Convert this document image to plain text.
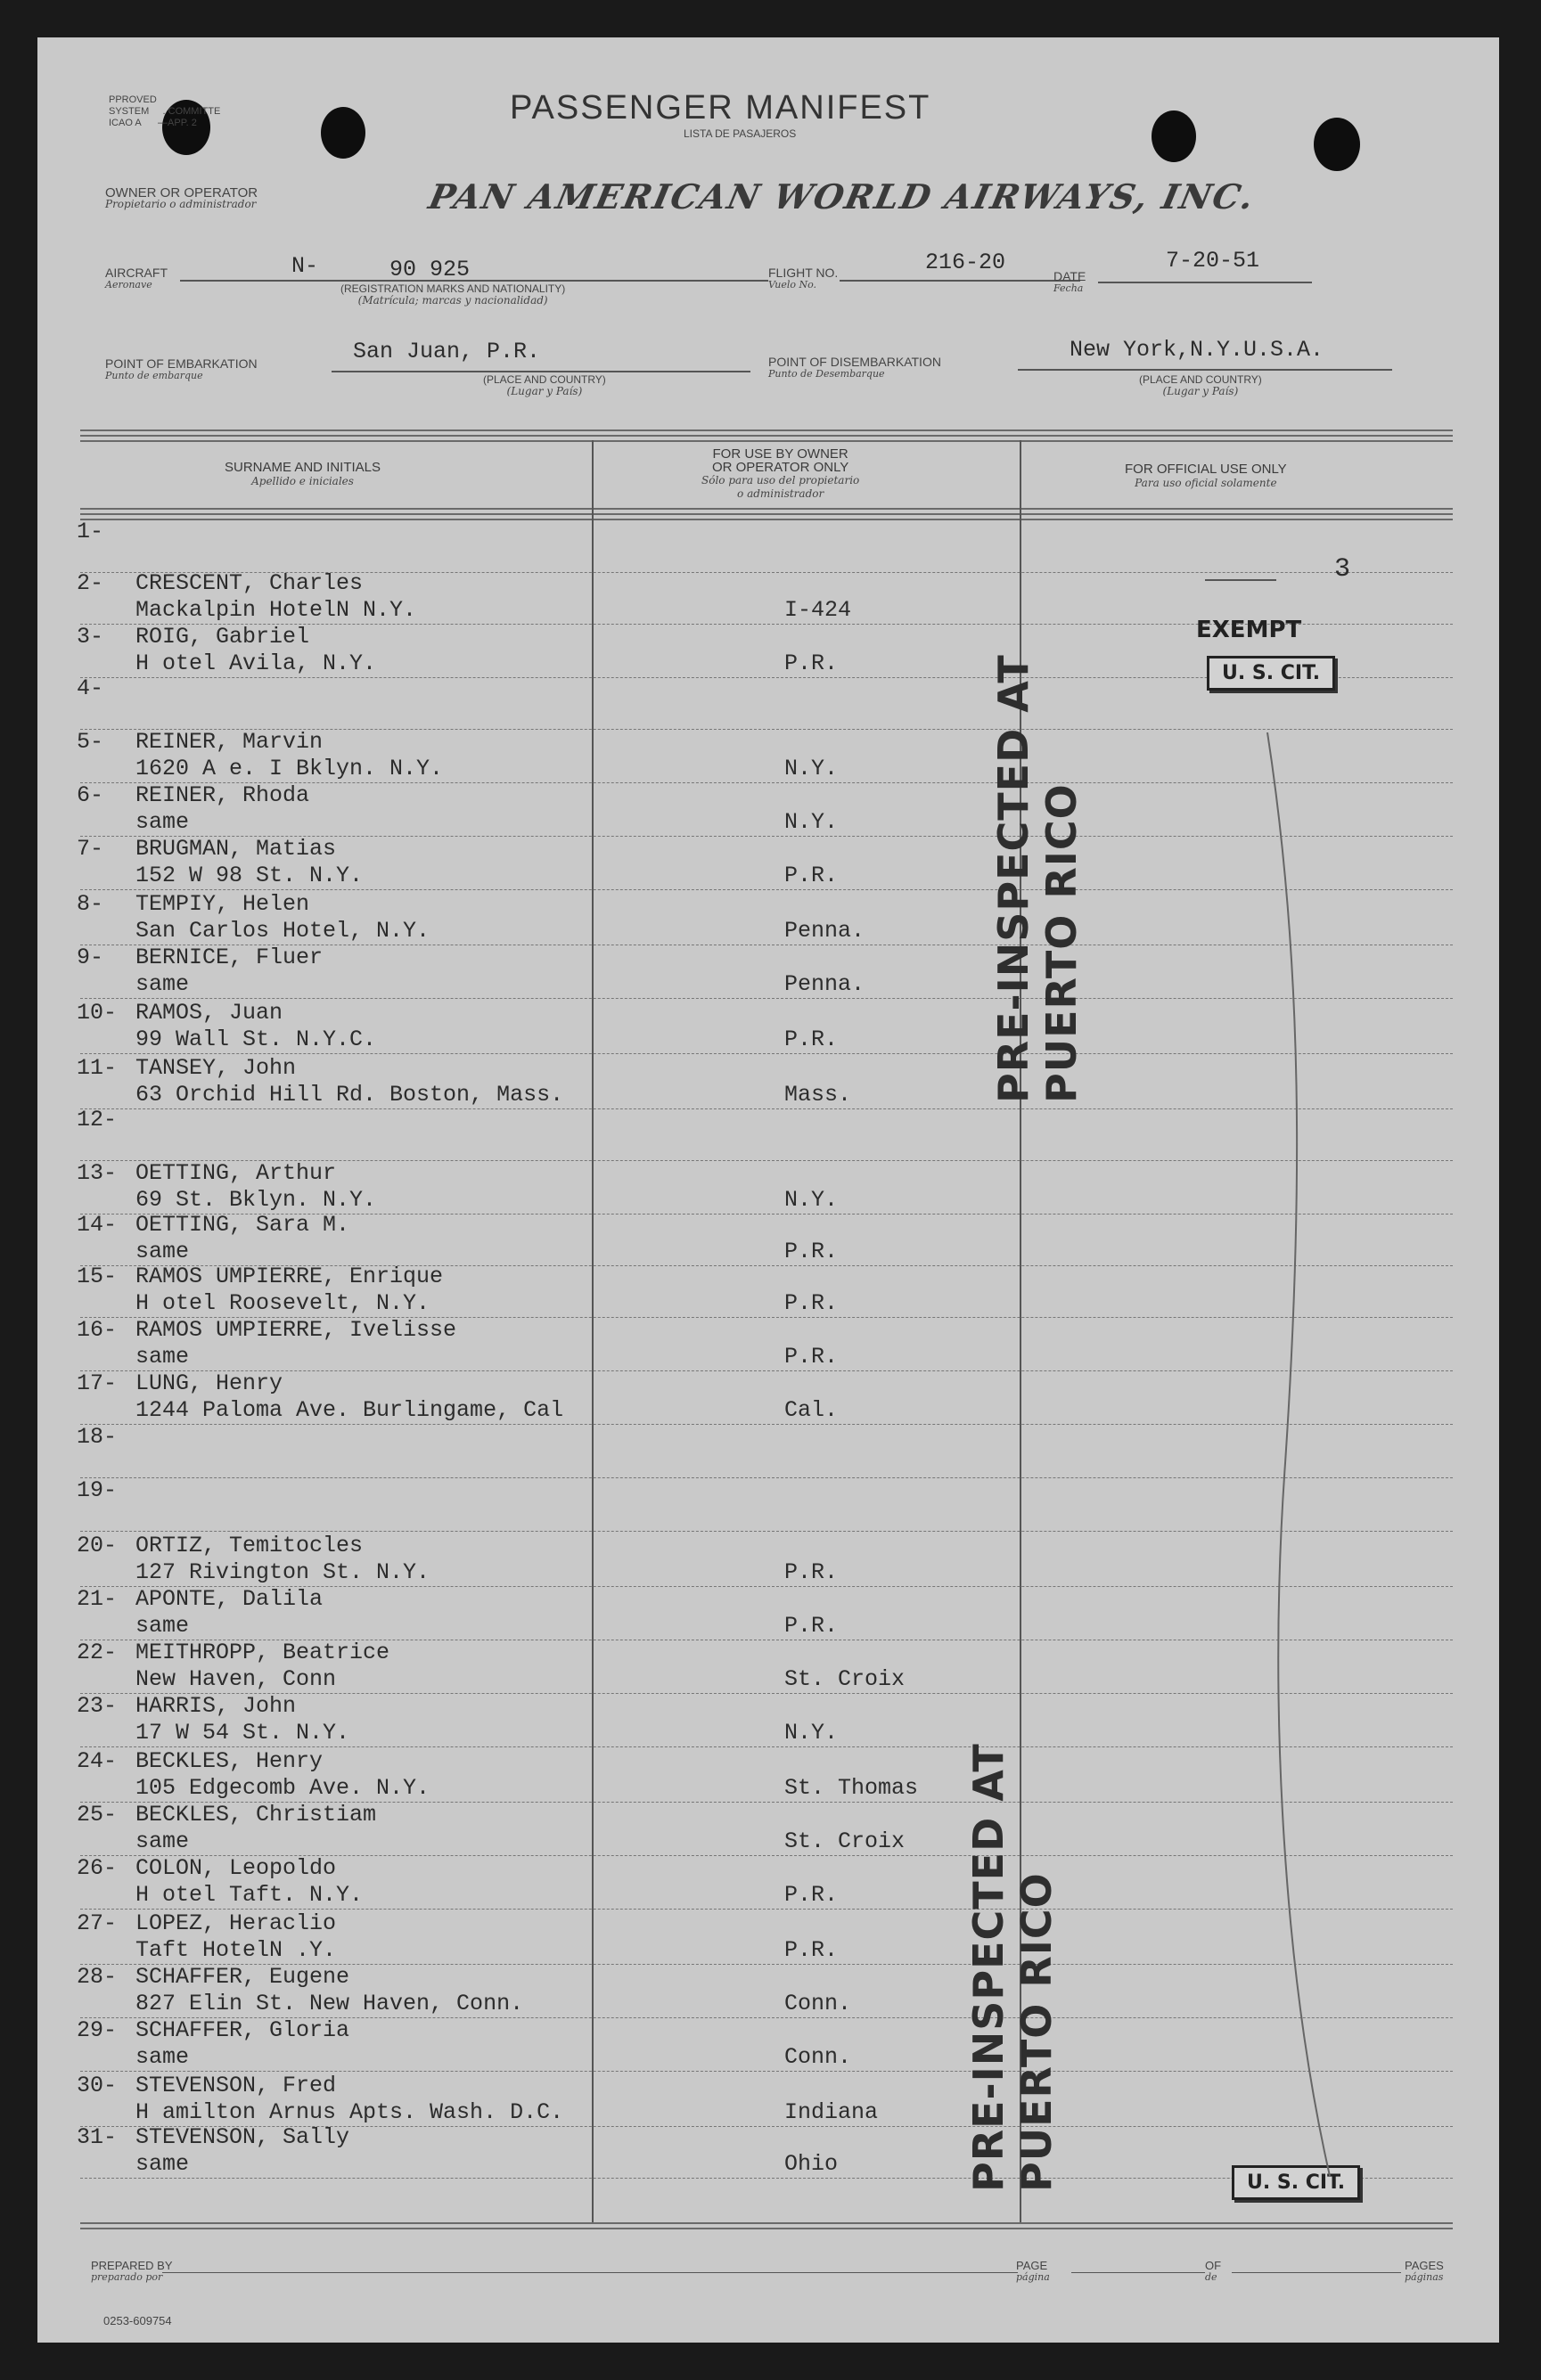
PPROVED
SYSTEM . COMMITTE
ICAO A —APP. 2	PASSENGER MANIFEST
LISTA DE PASAJEROS
OWNER OR OPERATOR
Propietario o administrador	PAN AMERICAN WORLD AIRWAYS, INC.
AIRCRAFT
Aeronave
N-	90 925
(REGISTRATION MARKS AND NATIONALITY)
(Matrícula; marcas y nacionalidad)
FLIGHT NO.
Vuelo No.
216-20
DATE
Fecha
7-20-51
POINT OF EMBARKATION
Punto de embarque
San Juan, P.R.
(PLACE AND COUNTRY)
(Lugar y País)
POINT OF DISEMBARKATION
Punto de Desembarque
New York,N.Y.U.S.A.
(PLACE AND COUNTRY)
(Lugar y País)
SURNAME AND INITIALS
Apellido e iniciales
FOR USE BY OWNER
OR OPERATOR ONLY
Sólo para uso del propietario
o administrador
FOR OFFICIAL USE ONLY
Para uso oficial solamente
1-
2- CRESCENT, Charles
Mackalpin HotelN N.Y.	I-424
3- ROIG, Gabriel
H otel Avila, N.Y.	P.R.
4-
5- REINER, Marvin
1620 A e. I Bklyn. N.Y.	N.Y.
6- REINER, Rhoda
same	N.Y.
7- BRUGMAN, Matias
152 W 98 St. N.Y.	P.R.
8- TEMPIY, Helen
San Carlos Hotel, N.Y.	Penna.
9- BERNICE, Fluer
same	Penna.
10- RAMOS, Juan
99 Wall St. N.Y.C.	P.R.
11- TANSEY, John
63 Orchid Hill Rd. Boston, Mass.	Mass.
12-
13- OETTING, Arthur
69 St. Bklyn. N.Y.	N.Y.
14- OETTING, Sara M.
same	P.R.
15- RAMOS UMPIERRE, Enrique
H otel Roosevelt, N.Y.	P.R.
16- RAMOS UMPIERRE, Ivelisse
same	P.R.
17- LUNG, Henry
1244 Paloma Ave. Burlingame, Cal	Cal.
18-
19-
20- ORTIZ, Temitocles
127 Rivington St. N.Y.	P.R.
21- APONTE, Dalila
same	P.R.
22- MEITHROPP, Beatrice
New Haven, Conn	St. Croix
23- HARRIS, John
17 W 54 St. N.Y.	N.Y.
24- BECKLES, Henry
105 Edgecomb Ave. N.Y.	St. Thomas
25- BECKLES, Christiam
same	St. Croix
26- COLON, Leopoldo
H otel Taft. N.Y.	P.R.
27- LOPEZ, Heraclio
Taft HotelN .Y.	P.R.
28- SCHAFFER, Eugene
827 Elin St. New Haven, Conn.	Conn.
29- SCHAFFER, Gloria
same	Conn.
30- STEVENSON, Fred
H amilton Arnus Apts. Wash. D.C.	Indiana
31- STEVENSON, Sally
same	Ohio
3
EXEMPT
U. S. CIT.
U. S. CIT.
PRE-INSPECTED AT PUERTO RICO
PRE-INSPECTED AT PUERTO RICO
PREPARED BY
preparado por
PAGE
página
OF
de
PAGES
páginas
0253-609754
